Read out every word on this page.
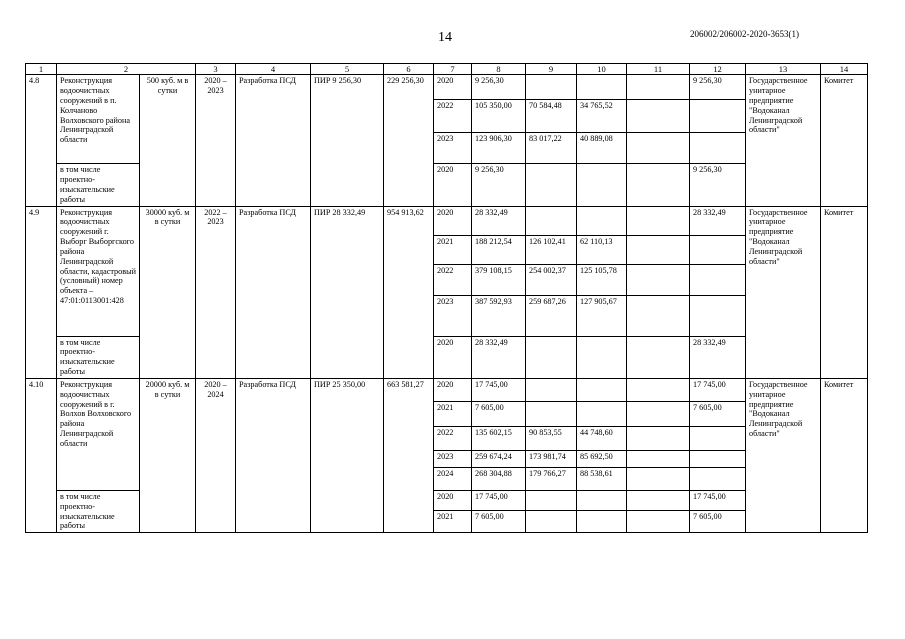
14	206002/206002-2020-3653(1)
1	2		3	4	5	6	7	8	9	10	11	12	13	14
4.8	Реконструкция водоочистных сооружений в п. Колчаново Волховского района Ленинградской области	500 куб. м в сутки	2020 – 2023	Разработка ПСД	ПИР 9 256,30	229 256,30	2020	9 256,30				9 256,30	Государственное унитарное предприятие "Водоканал Ленинградской области"	Комитет
							2022	105 350,00	70 584,48	34 765,52				
							2023	123 906,30	83 017,22	40 889,08				
	в том числе проектно-изыскательские работы						2020	9 256,30				9 256,30		
4.9	Реконструкция водоочистных сооружений г. Выборг Выборгского района Ленинградской области, кадастровый (условный) номер объекта – 47:01:0113001:428	30000 куб. м в сутки	2022 – 2023	Разработка ПСД	ПИР 28 332,49	954 913,62	2020	28 332,49				28 332,49	Государственное унитарное предприятие "Водоканал Ленинградской области"	Комитет
							2021	188 212,54	126 102,41	62 110,13				
							2022	379 108,15	254 002,37	125 105,78				
							2023	387 592,93	259 687,26	127 905,67				
	в том числе проектно-изыскательские работы						2020	28 332,49				28 332,49		
4.10	Реконструкция водоочистных сооружений в г. Волхов Волховского района Ленинградской области	20000 куб. м в сутки	2020 – 2024	Разработка ПСД	ПИР 25 350,00	663 581,27	2020	17 745,00				17 745,00	Государственное унитарное предприятие "Водоканал Ленинградской области"	Комитет
							2021	7 605,00				7 605,00		
							2022	135 602,15	90 853,55	44 748,60				
							2023	259 674,24	173 981,74	85 692,50				
							2024	268 304,88	179 766,27	88 538,61				
	в том числе проектно-изыскательские работы						2020	17 745,00				17 745,00		
							2021	7 605,00				7 605,00		
